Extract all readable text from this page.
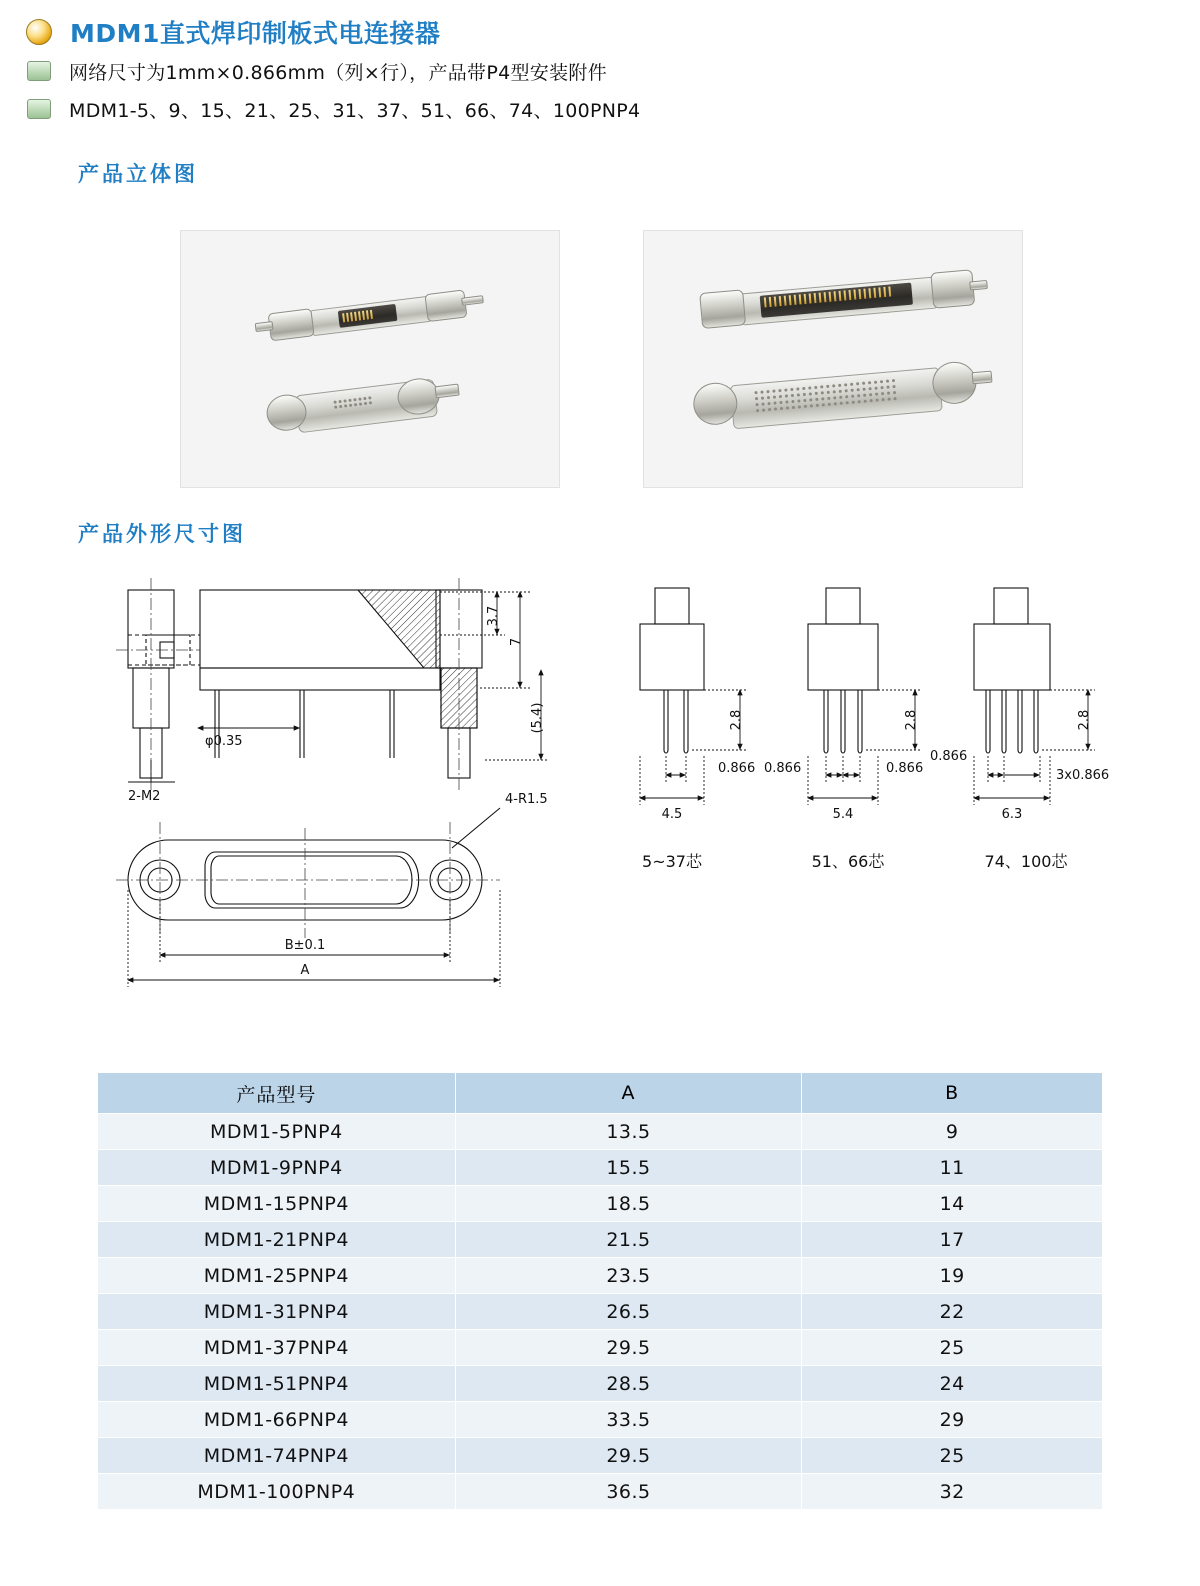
MDM1直式焊印制板式电连接器
网络尺寸为1mm×0.866mm（列×行），产品带P4型安装附件
MDM1-5、9、15、21、25、31、37、51、66、74、100PNP4
产品立体图
产品外形尺寸图
3.7
7
(5.4)
φ0.35
2-M2	4-R1.5
B±0.1
A
2.8
0.866
4.5
5~37芯
2.8
0.866	0.866
5.4
51、66芯
2.8
0.866
3x0.866
6.3
74、100芯
产品型号	A	B
MDM1-5PNP4	13.5	9
MDM1-9PNP4	15.5	11
MDM1-15PNP4	18.5	14
MDM1-21PNP4	21.5	17
MDM1-25PNP4	23.5	19
MDM1-31PNP4	26.5	22
MDM1-37PNP4	29.5	25
MDM1-51PNP4	28.5	24
MDM1-66PNP4	33.5	29
MDM1-74PNP4	29.5	25
MDM1-100PNP4	36.5	32
